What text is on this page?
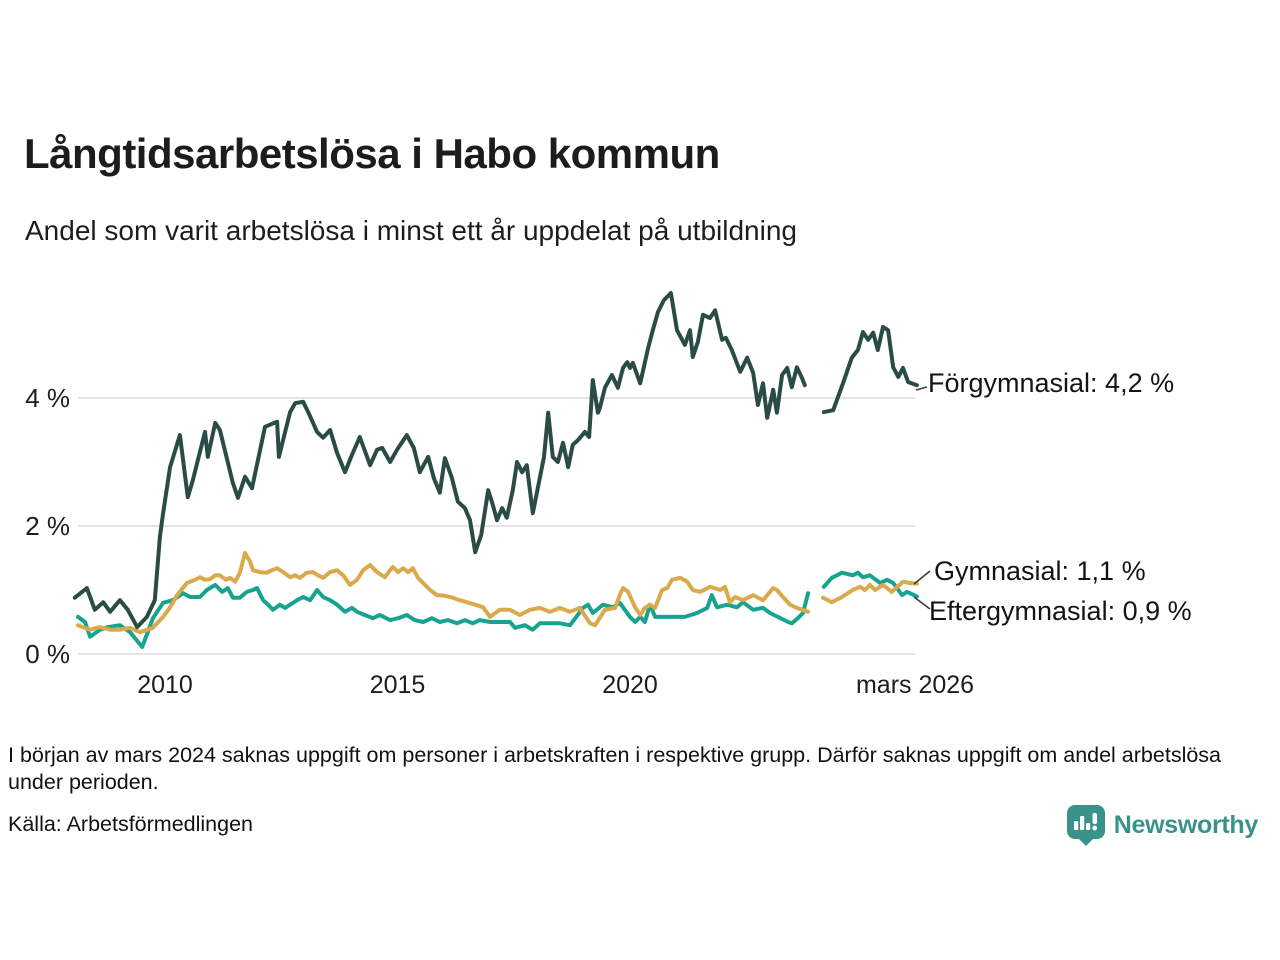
Långtidsarbetslösa i Habo kommun
Andel som varit arbetslösa i minst ett år uppdelat på utbildning
0 %
2 %
4 %
2010	2015	2020	mars 2026
Förgymnasial: 4,2 %
Gymnasial: 1,1 %
Eftergymnasial: 0,9 %
I början av mars 2024 saknas uppgift om personer i arbetskraften i respektive grupp. Därför saknas uppgift om andel arbetslösa under perioden.
Källa: Arbetsförmedlingen	Newsworthy
